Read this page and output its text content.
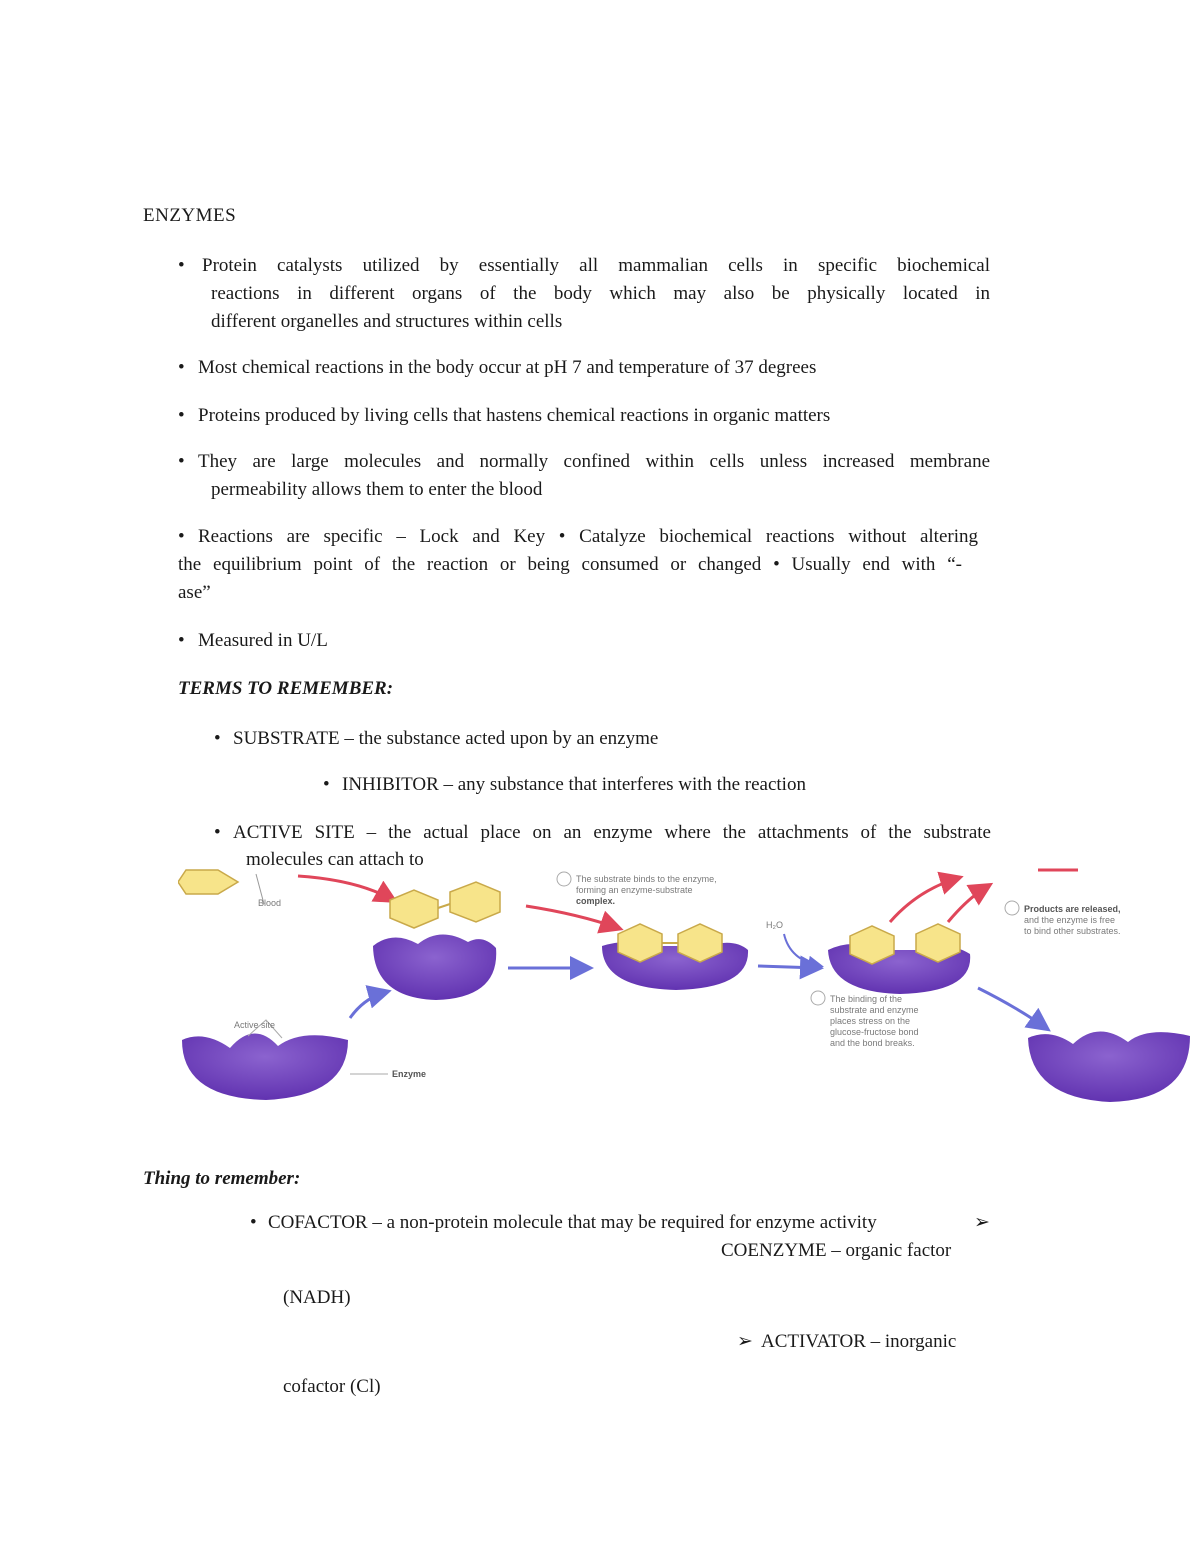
ENZYMES
• Protein catalysts utilized by essentially all mammalian cells in specific biochemical
reactions in different organs of the body which may also be physically located in
different organelles and structures within cells
• Most chemical reactions in the body occur at pH 7 and temperature of 37 degrees
• Proteins produced by living cells that hastens chemical reactions in organic matters
• They are large molecules and normally confined within cells unless increased membrane
permeability allows them to enter the blood
• Reactions are specific – Lock and Key • Catalyze biochemical reactions without altering
the equilibrium point of the reaction or being consumed or changed • Usually end with “-
ase”
• Measured in U/L
TERMS TO REMEMBER:
• SUBSTRATE – the substance acted upon by an enzyme
• INHIBITOR – any substance that interferes with the reaction
• ACTIVE SITE – the actual place on an enzyme where the attachments of the substrate
molecules can attach to
Blood
The substrate binds to the enzyme,
forming an enzyme-substrate
complex.
H₂O
Products are released,
and the enzyme is free
to bind other substrates.
The binding of the
substrate and enzyme
places stress on the
glucose-fructose bond
and the bond breaks.
Active site
Enzyme
Thing to remember:
• COFACTOR – a non-protein molecule that may be required for enzyme activity	➢
COENZYME – organic factor
(NADH)
➢ ACTIVATOR – inorganic
cofactor (Cl)
